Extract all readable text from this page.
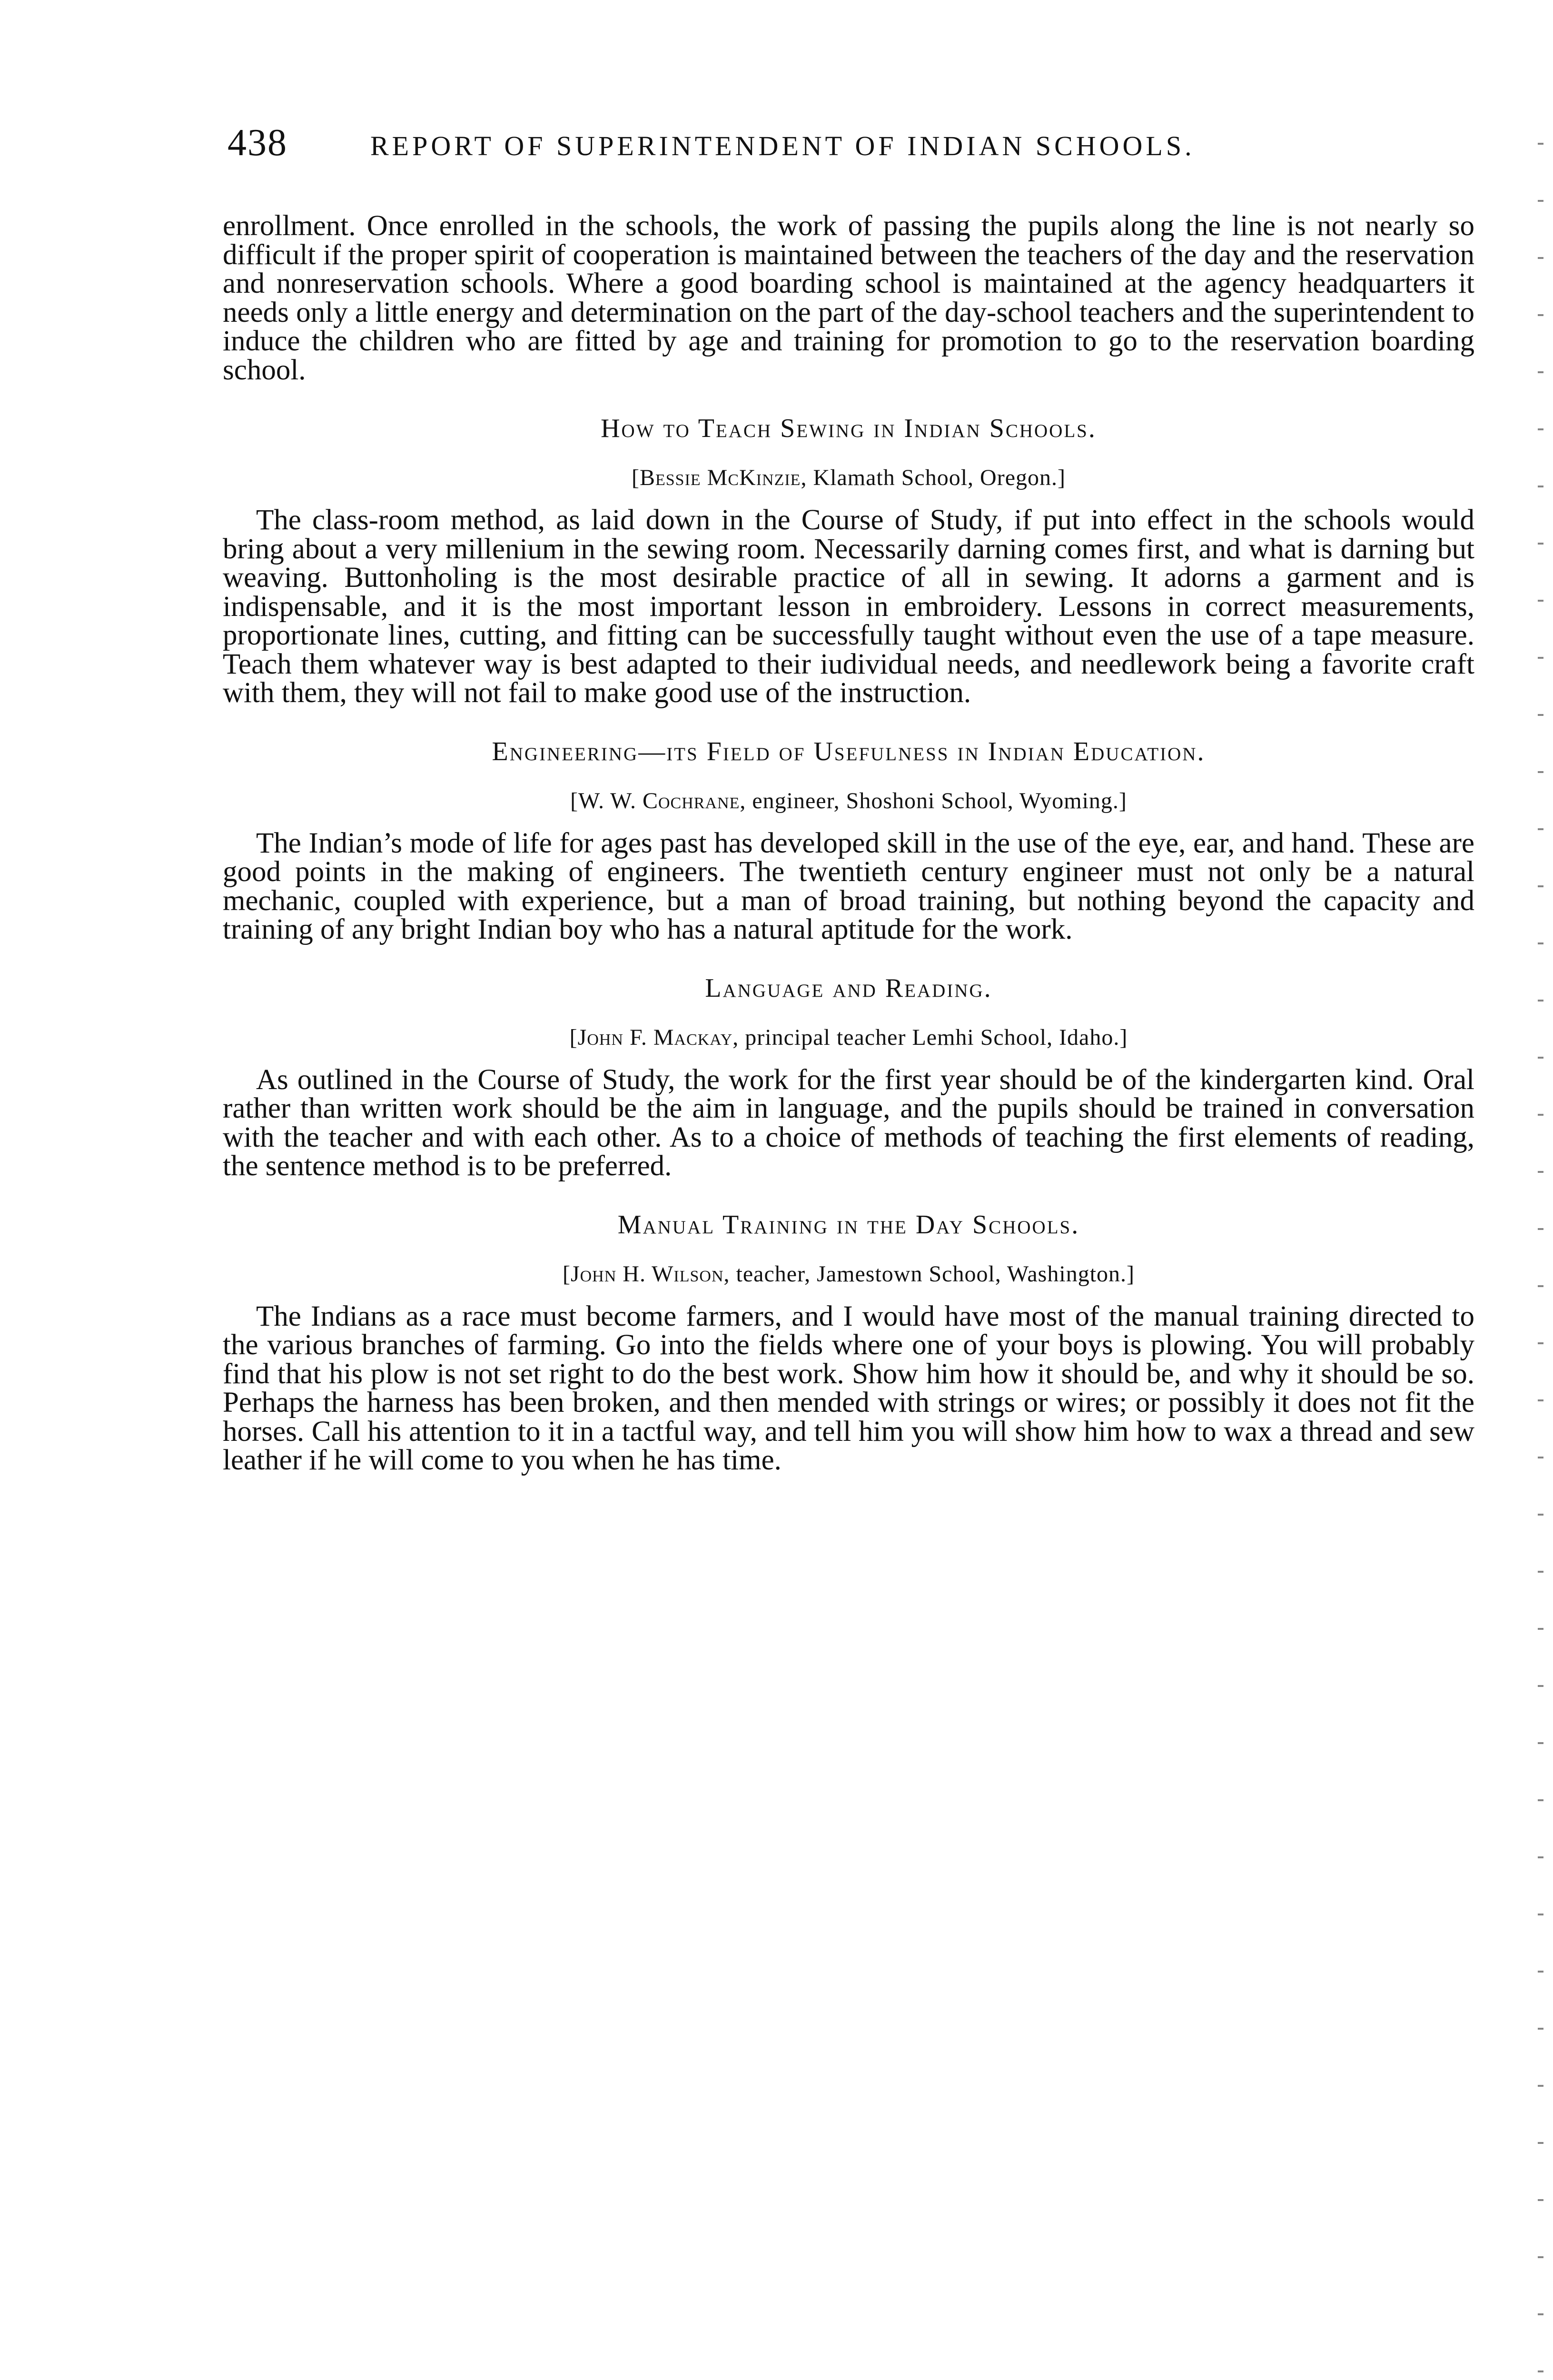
438	REPORT OF SUPERINTENDENT OF INDIAN SCHOOLS.

enrollment. Once enrolled in the schools, the work of passing the pupils along the line is not nearly so difficult if the proper spirit of cooperation is maintained between the teachers of the day and the reservation and nonreservation schools. Where a good boarding school is maintained at the agency headquarters it needs only a little energy and determination on the part of the day-school teachers and the superintendent to induce the children who are fitted by age and training for promotion to go to the reservation boarding school.

How to Teach Sewing in Indian Schools.
[Bessie McKinzie, Klamath School, Oregon.]

The class-room method, as laid down in the Course of Study, if put into effect in the schools would bring about a very millenium in the sewing room. Necessarily darning comes first, and what is darning but weaving. Buttonholing is the most desirable practice of all in sewing. It adorns a garment and is indispensable, and it is the most important lesson in embroidery. Lessons in correct measurements, proportionate lines, cutting, and fitting can be successfully taught without even the use of a tape measure. Teach them whatever way is best adapted to their iudividual needs, and needlework being a favorite craft with them, they will not fail to make good use of the instruction.

Engineering—its Field of Usefulness in Indian Education.
[W. W. Cochrane, engineer, Shoshoni School, Wyoming.]

The Indian’s mode of life for ages past has developed skill in the use of the eye, ear, and hand. These are good points in the making of engineers. The twentieth century engineer must not only be a natural mechanic, coupled with experience, but a man of broad training, but nothing beyond the capacity and training of any bright Indian boy who has a natural aptitude for the work.

Language and Reading.
[John F. Mackay, principal teacher Lemhi School, Idaho.]

As outlined in the Course of Study, the work for the first year should be of the kindergarten kind. Oral rather than written work should be the aim in language, and the pupils should be trained in conversation with the teacher and with each other. As to a choice of methods of teaching the first elements of reading, the sentence method is to be preferred.

Manual Training in the Day Schools.
[John H. Wilson, teacher, Jamestown School, Washington.]

The Indians as a race must become farmers, and I would have most of the manual training directed to the various branches of farming. Go into the fields where one of your boys is plowing. You will probably find that his plow is not set right to do the best work. Show him how it should be, and why it should be so. Perhaps the harness has been broken, and then mended with strings or wires; or possibly it does not fit the horses. Call his attention to it in a tactful way, and tell him you will show him how to wax a thread and sew leather if he will come to you when he has time.
